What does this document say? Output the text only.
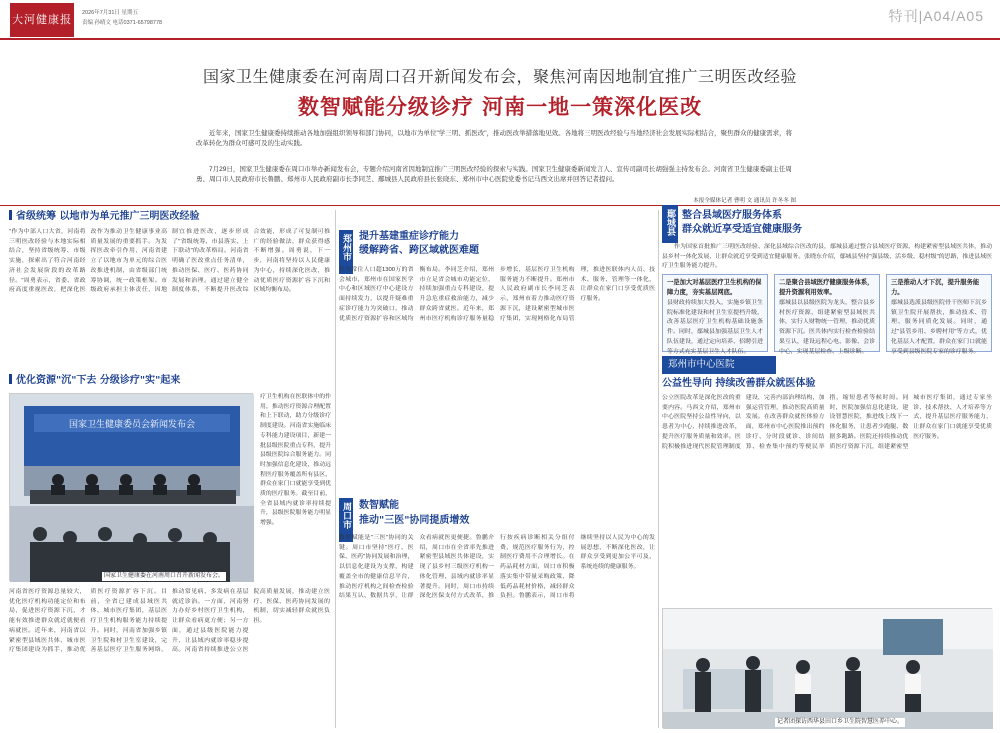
大河健康报	2026年7月31日 星期五
责编 孙晴文 电话0371-65798778	特刊|A04/A05
国家卫生健康委在河南周口召开新闻发布会，聚焦河南因地制宜推广三明医改经验
数智赋能分级诊疗 河南一地一策深化医改
近年来，国家卫生健康委持续推动各地加强组织领导和部门协同，以地市为单位"学三明、抓医改"，推动医改举措落地见效。各地将三明医改经验与当地经济社会发展实际相结合，聚焦群众的健康需求，将改革转化为群众可感可及的生动实践。
7月29日，国家卫生健康委在周口市举办新闻发布会，专题介绍河南省因地制宜推广三明医改经验的探索与实践。国家卫生健康委新闻发言人、宣传司副司长胡强强主持发布会。河南省卫生健康委副主任周勇、周口市人民政府市长鲁鹏、郑州市人民政府副市长李同芝、鄢城县人民政府县长张晓东、郑州市中心医院党委书记马西文出席并回答记者提问。
本报全媒体记者 曹明 文 通讯员 许冬冬 图
省级统筹 以地市为单元推广三明医改经验
"作为中部人口大省，河南将三明医改经验与本地实际相结合，坚持省级统筹、市级实施，探索出了符合河南经济社会发展阶段的改革路径。"周勇表示，省委、省政府高度重视医改，把深化医改作为推动卫生健康事业高质量发展的重要抓手。为发挥医改牵引作用，河南省建立了以地市为单元的综合医改推进机制，由省级部门统筹协调，统一政策框架。市级政府承担主体责任，因地制宜推进医改，逐步形成了"省级统筹、市县落实、上下联动"的改革格局。河南省明确了医改重点任务清单，推动医保、医疗、医药协同发展和治理。通过建立健全制度体系，不断提升医改综合效能，形成了可复制可推广的经验做法，群众获得感不断增强。周勇说，下一步，河南将坚持以人民健康为中心，持续深化医改，推动优质医疗资源扩容下沉和区域均衡布局。
优化资源"沉"下去 分级诊疗"实"起来
国家卫生健康委员会新闻发布会
国家卫生健康委在河南周口召开新闻发布会。
疗卫生机构在医联体中的作用，推动医疗资源合理配置和上下联动，助力分级诊疗制度建设。河南省实施临床专科能力建设项目，新建一批县级医院重点专科，提升县级医院综合服务能力。同时加强信息化建设，推动远程医疗服务覆盖所有县区，群众在家门口就能享受到优质的医疗服务。截至目前，全省县域内就诊率持续提升，县级医院服务能力明显增强。
河南省医疗资源总量较大，优化医疗机构功能定位和布局，促进医疗资源下沉，才能有效推进群众就近就便看病就医。近年来，河南省以紧密型县域医共体、城市医疗集团建设为抓手，推动优质医疗资源扩容下沉。目前，全省已建成县域医共体、城市医疗集团，基层医疗卫生机构服务能力持续提升。同时，河南省加强乡镇卫生院和村卫生室建设，完善基层医疗卫生服务网络，推动常见病、多发病在基层就近诊治。一方面，河南努力办好乡村医疗卫生机构，让群众看病更方便；另一方面，通过县级医院能力提升，让县域内就诊率稳步提高。河南省持续推进公立医院高质量发展，推动建立医疗、医保、医药协同发展的机制，切实减轻群众就医负担。
郑州市 提升基建重症诊疗能力
缓解跨省、跨区域就医难题
作为常住人口超1300万的省会城市，郑州市在国家医学中心和区域医疗中心建设方面持续发力，以提升疑难重症诊疗能力为突破口，推动优质医疗资源扩容和区域均衡布局。李同芝介绍，郑州市立足省会城市功能定位，持续加强重点专科建设，提升急危重症救治能力，减少群众跨省就医。近年来，郑州市医疗机构诊疗服务量稳步增长，基层医疗卫生机构服务能力不断提升。郑州市人民政府副市长李同芝表示，郑州市着力推动医疗资源下沉，建设紧密型城市医疗集团，实现网格化布局管理，推进医联体内人员、技术、服务、管理等一体化，让群众在家门口享受优质医疗服务。
周口市 数智赋能
推动"三医"协同提质增效
数智赋能是"三医"协同的关键。周口市坚持"医疗、医保、医药"协同发展和治理，以信息化建设为支撑，构建覆盖全市的健康信息平台，推动医疗机构之间检查检验结果互认、数据共享，让群众看病就医更便捷。鲁鹏介绍，周口市在全省率先推进紧密型县域医共体建设，实现了县乡村三级医疗机构一体化管理，县域内就诊率显著提升。同时，周口市持续深化医保支付方式改革，推行按疾病诊断相关分组付费，规范医疗服务行为，控制医疗费用不合理增长。在药品耗材方面，周口市积极落实集中带量采购政策，降低药品耗材价格，减轻群众负担。鲁鹏表示，周口市将继续坚持以人民为中心的发展思想，不断深化医改，让群众享受到更加公平可及、系统连续的健康服务。
鄢城县 整合县域医疗服务体系
群众就近享受适宜健康服务
作为国家首批推广三明医改经验、深化县域综合医改的县，鄢城县通过整合县域医疗资源，构建紧密型县域医共体，推动县乡村一体化发展，让群众就近享受到适宜健康服务。张晓东介绍，鄢城县坚持"强县级、活乡级、稳村级"的思路，推进县域医疗卫生服务能力提升。
一是加大对基层医疗卫生机构的保障力度，夯实基层网底。
县财政持续加大投入，实施乡镇卫生院标准化建设和村卫生室提档升级，改善基层医疗卫生机构基础设施条件。同时，鄢城县加强基层卫生人才队伍建设，通过定向培养、招聘引进等方式充实基层卫生人才队伍。
二是聚合县域医疗健康服务体系，提升资源利用效率。
鄢城县以县级医院为龙头，整合县乡村医疗资源，组建紧密型县域医共体，实行人财物统一管理，推动优质资源下沉。医共体内实行检查检验结果互认，建设远程心电、影像、会诊中心，实现基层检查、上级诊断。
三是推动人才下沉，提升服务能力。
鄢城县选派县级医院骨干医师下沉乡镇卫生院开展帮扶，推动技术、管理、服务同质化发展。同时，通过"县管乡用、乡聘村用"等方式，优化基层人才配置，群众在家门口就能享受到县级医院专家的诊疗服务。
郑州市中心医院
公益性导向 持续改善群众就医体验
公立医院改革是深化医改的重要内容。马西文介绍，郑州市中心医院坚持公益性导向，以患者为中心，持续推进改革，提升医疗服务质量和效率。医院积极推进现代医院管理制度建设，完善内部治理结构，加强运营管理，推动医院高质量发展。在改善群众就医体验方面，郑州市中心医院推出预约诊疗、分时段就诊、诊间结算、检查集中预约等便民举措，缩短患者等候时间。同时，医院加强信息化建设，建设智慧医院，推进线上线下一体化服务，让患者少跑腿、数据多跑路。医院还持续推动优质医疗资源下沉，组建紧密型城市医疗集团，通过专家坐诊、技术帮扶、人才培养等方式，提升基层医疗服务能力，让群众在家门口就能享受优质医疗服务。
记者团探访西华县田口乡卫生院智慧医养中心。
